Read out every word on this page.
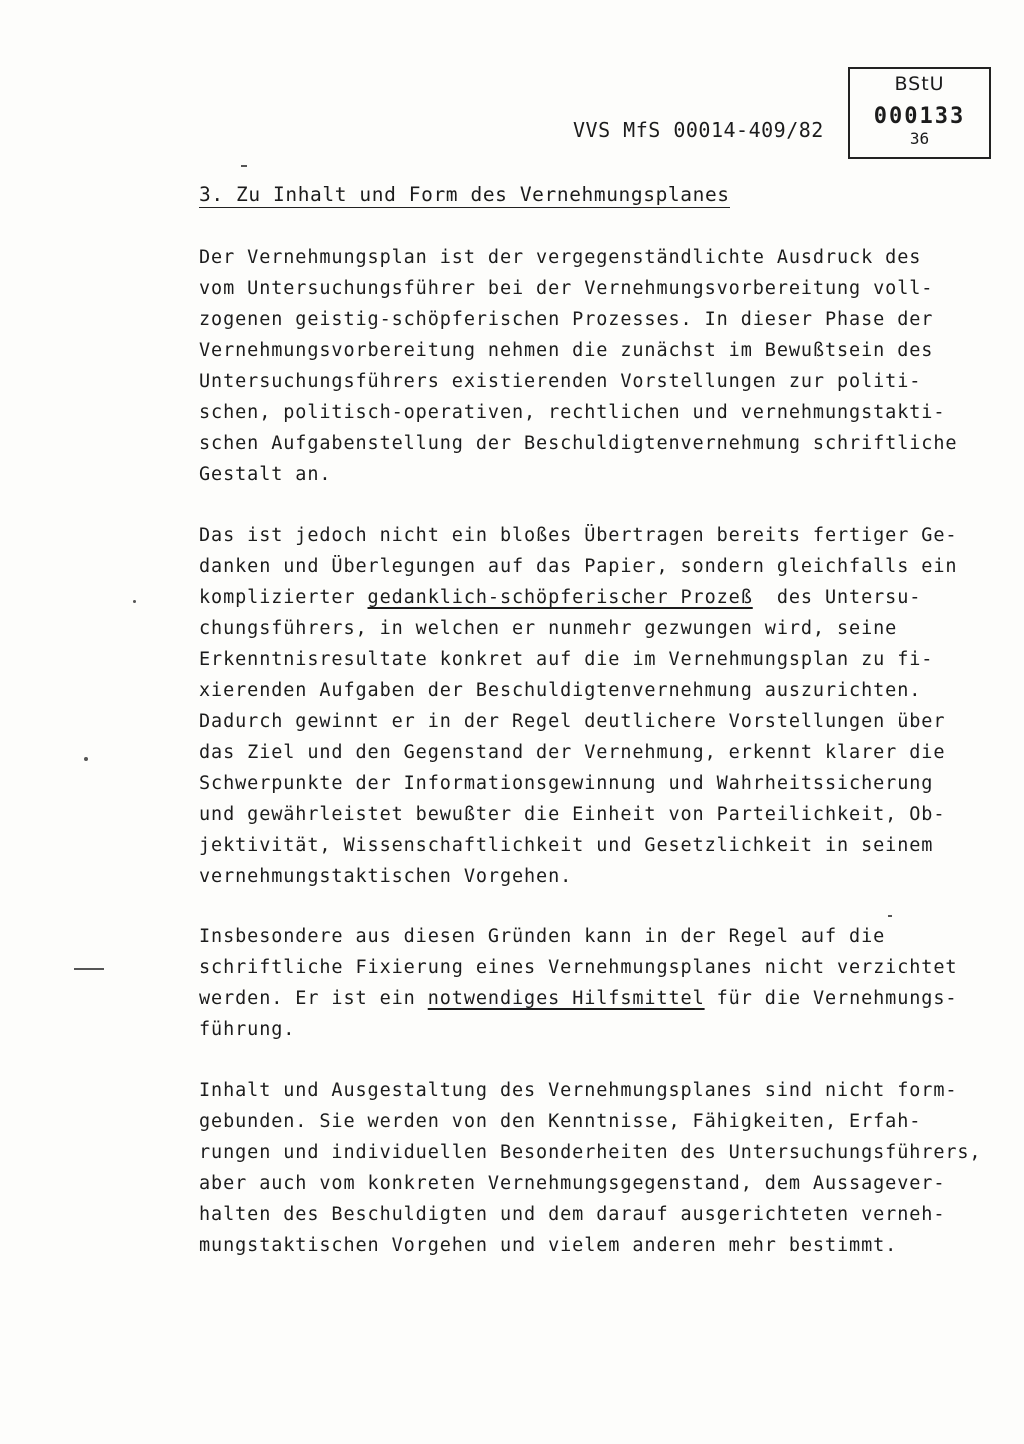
VVS MfS 00014-409/82
BStU
000133
36
3. Zu Inhalt und Form des Vernehmungsplanes
Der Vernehmungsplan ist der vergegenständlichte Ausdruck des
vom Untersuchungsführer bei der Vernehmungsvorbereitung voll-
zogenen geistig-schöpferischen Prozesses. In dieser Phase der
Vernehmungsvorbereitung nehmen die zunächst im Bewußtsein des
Untersuchungsführers existierenden Vorstellungen zur politi-
schen, politisch-operativen, rechtlichen und vernehmungstakti-
schen Aufgabenstellung der Beschuldigtenvernehmung schriftliche
Gestalt an.
Das ist jedoch nicht ein bloßes Übertragen bereits fertiger Ge-
danken und Überlegungen auf das Papier, sondern gleichfalls ein
komplizierter gedanklich-schöpferischer Prozeß  des Untersu-
chungsführers, in welchen er nunmehr gezwungen wird, seine
Erkenntnisresultate konkret auf die im Vernehmungsplan zu fi-
xierenden Aufgaben der Beschuldigtenvernehmung auszurichten.
Dadurch gewinnt er in der Regel deutlichere Vorstellungen über
das Ziel und den Gegenstand der Vernehmung, erkennt klarer die
Schwerpunkte der Informationsgewinnung und Wahrheitssicherung
und gewährleistet bewußter die Einheit von Parteilichkeit, Ob-
jektivität, Wissenschaftlichkeit und Gesetzlichkeit in seinem
vernehmungstaktischen Vorgehen.
Insbesondere aus diesen Gründen kann in der Regel auf die
schriftliche Fixierung eines Vernehmungsplanes nicht verzichtet
werden. Er ist ein notwendiges Hilfsmittel für die Vernehmungs-
führung.
Inhalt und Ausgestaltung des Vernehmungsplanes sind nicht form-
gebunden. Sie werden von den Kenntnisse, Fähigkeiten, Erfah-
rungen und individuellen Besonderheiten des Untersuchungsführers,
aber auch vom konkreten Vernehmungsgegenstand, dem Aussagever-
halten des Beschuldigten und dem darauf ausgerichteten verneh-
mungstaktischen Vorgehen und vielem anderen mehr bestimmt.
